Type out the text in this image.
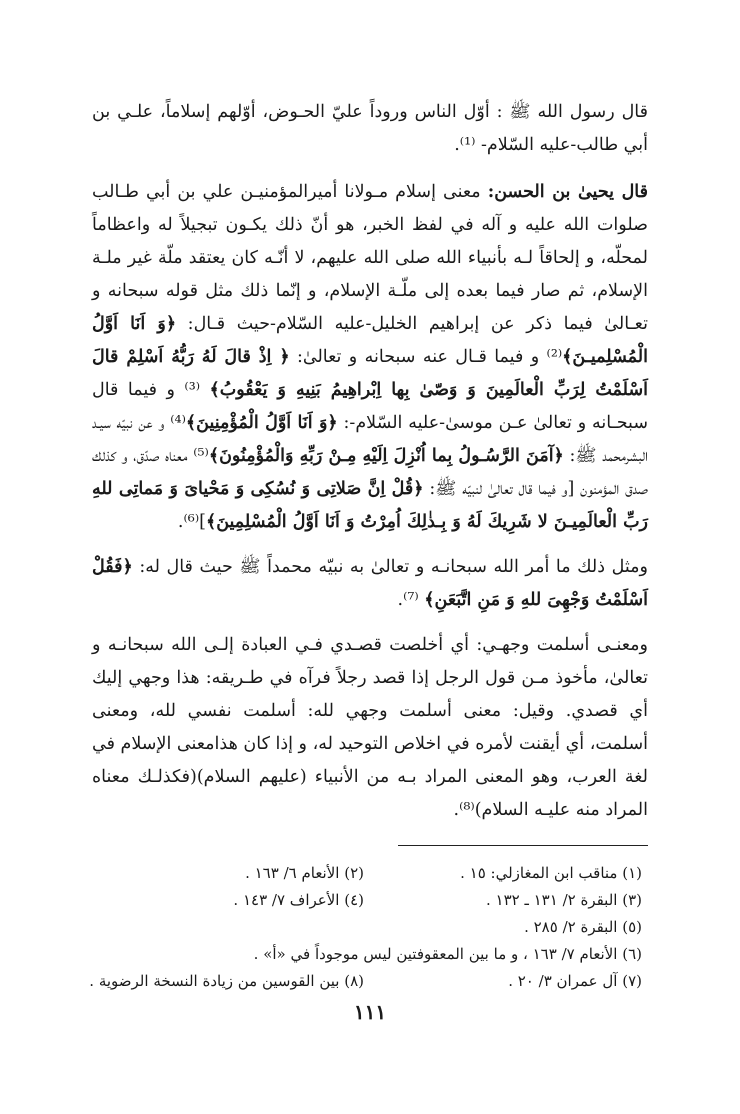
قال رسول الله ﷺ : أوّل الناس وروداً عليّ الحـوض، أوّلهم إسلاماً، علـي بن أبي طالب-عليه السّلام- ⁽¹⁾.

قال يحيىٰ بن الحسن: معنى إسلام مـولانا أميرالمؤمنيـن علي بن أبي طـالب صلوات الله عليه و آله في لفظ الخبر، هو أنّ ذلك يكـون تبجيلاً له واعظاماً لمحلّه، و إلحاقاً لـه بأنبياء الله صلى الله عليهم، لا أنّـه كان يعتقد ملّة غير ملـة الإسلام، ثم صار فيما بعده إلى ملّـة الإسلام، و إنّما ذلك مثل قوله سبحانه و تعـالىٰ فيما ذكر عن إبراهيم الخليل-عليه السّلام-حيث قـال: ﴿وَ اَنَا اَوَّلُ الْمُسْلِميـنَ﴾⁽²⁾ و فيما قـال عنه سبحانه و تعالىٰ: ﴿ اِذْ قالَ لَهُ رَبُّهُ اَسْلِمْ قالَ اَسْلَمْتُ لِرَبِّ الْعالَمِينَ وَ وَصّىٰ بِها اِبْراهِيمُ بَنِيهِ وَ يَعْقُوبُ﴾ ⁽³⁾ و فيما قال سبحـانه و تعالىٰ عـن موسىٰ-عليه السّلام-: ﴿وَ اَنَا اَوَّلُ الْمُؤْمِنِينَ﴾⁽⁴⁾ و عن نبيّه سيـد البشرمحمد ﷺ: ﴿آمَنَ الرَّسُـولُ بِما اُنْزِلَ اِلَيْهِ مِـنْ رَبِّهِ وَالْمُؤْمِنُونَ﴾⁽⁵⁾ معناه صدّق، و كذلك صدق المؤمنون [و فيما قال تعالىٰ لنبيّه ﷺ: ﴿قُلْ اِنَّ صَلاتِى وَ نُسُكِى وَ مَحْياىَ وَ مَماتِى للهِ رَبِّ الْعالَمِيـنَ لا شَرِيكَ لَهُ وَ بِـذٰلِكَ اُمِرْتُ وَ اَنَا اَوَّلُ الْمُسْلِمِينَ﴾]⁽⁶⁾.

ومثل ذلك ما أمر الله سبحانـه و تعالىٰ به نبيّه محمداً ﷺ حيث قال له: ﴿فَقُلْ اَسْلَمْتُ وَجْهِىَ للهِ وَ مَنِ اتَّبَعَنِ﴾ ⁽⁷⁾.

ومعنـى أسلمت وجهـي: أي أخلصت قصـدي فـي العبادة إلـى الله سبحانـه و تعالىٰ، مأخوذ مـن قول الرجل إذا قصد رجلاً فرآه في طـريقه: هذا وجهي إليك أي قصدي. وقيل: معنى أسلمت وجهي لله: أسلمت نفسي لله، ومعنى أسلمت، أي أيقنت لأمره في اخلاص التوحيد له، و إذا كان هذامعنى الإسلام في لغة العرب، وهو المعنى المراد بـه من الأنبياء (عليهم السلام)(فكذلـك معناه المراد منه عليـه السلام)⁽⁸⁾.

(١) مناقب ابن المغازلي: ١٥ .
(٢) الأنعام ٦/ ١٦٣ .
(٣) البقرة ٢/ ١٣١ ـ ١٣٢ .
(٤) الأعراف ٧/ ١٤٣ .
(٥) البقرة ٢/ ٢٨٥ .
(٦) الأنعام ٧/ ١٦٣ ، و ما بين المعقوفتين ليس موجوداً في «أ» .
(٧) آل عمران ٣/ ٢٠ .
(٨) بين القوسين من زيادة النسخة الرضوية .
١١١
